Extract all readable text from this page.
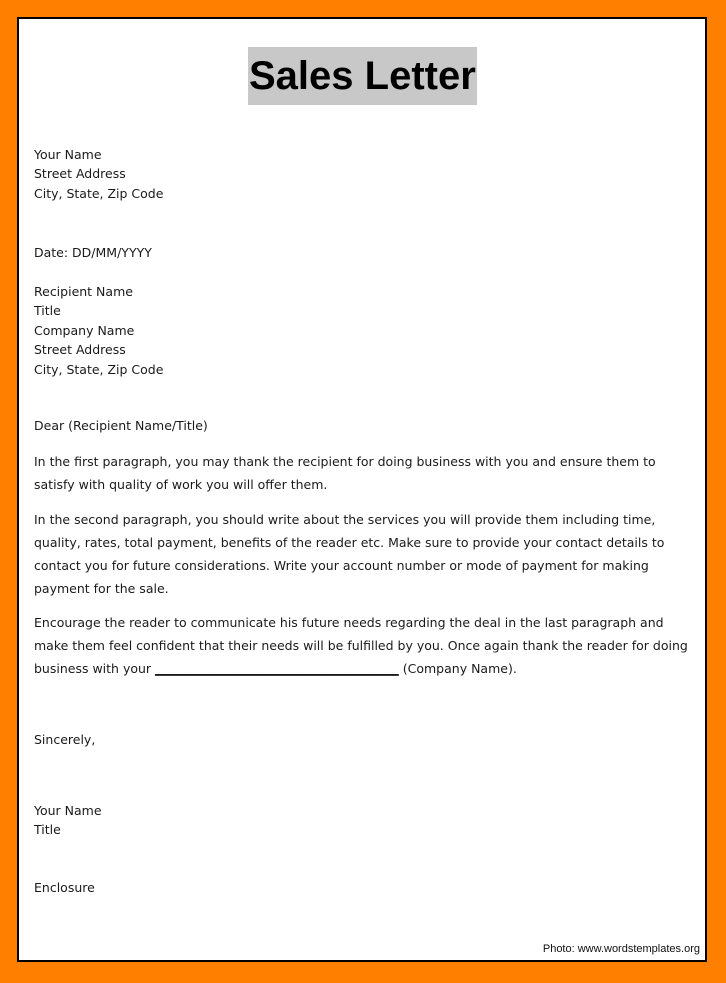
Sales Letter
Your Name
Street Address
City, State, Zip Code
Date: DD/MM/YYYY
Recipient Name
Title
Company Name
Street Address
City, State, Zip Code
Dear (Recipient Name/Title)

In the first paragraph, you may thank the recipient for doing business with you and ensure them to satisfy with quality of work you will offer them.

In the second paragraph, you should write about the services you will provide them including time, quality, rates, total payment, benefits of the reader etc. Make sure to provide your contact details to contact you for future considerations. Write your account number or mode of payment for making payment for the sale.

Encourage the reader to communicate his future needs regarding the deal in the last paragraph and make them feel confident that their needs will be fulfilled by you. Once again thank the reader for doing business with your _______________________________________ (Company Name).

Sincerely,
Your Name
Title
Enclosure
Photo: www.wordstemplates.org
